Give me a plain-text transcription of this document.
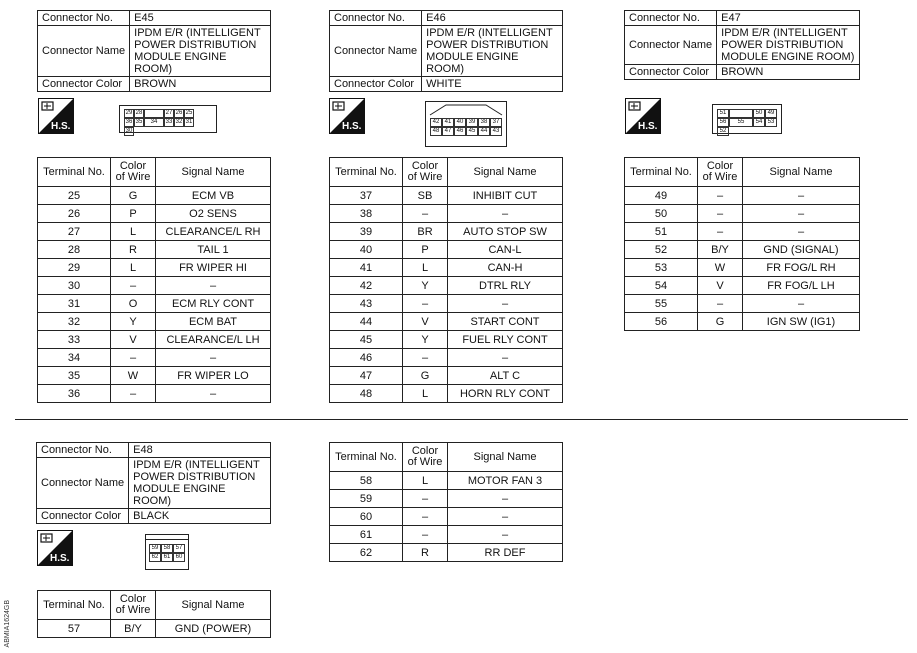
Connector No.	E45
Connector Name	IPDM E/R (INTELLIGENT POWER DISTRIBUTION MODULE ENGINE ROOM)
Connector Color	BROWN
H.S.
29 28	27 26 25
36 35	34	33 32 31
30
Terminal No.	Color of Wire	Signal Name
25	G	ECM VB
26	P	O2 SENS
27	L	CLEARANCE/L RH
28	R	TAIL 1
29	L	FR WIPER HI
30	–	–
31	O	ECM RLY CONT
32	Y	ECM BAT
33	V	CLEARANCE/L LH
34	–	–
35	W	FR WIPER LO
36	–	–
Connector No.	E46
Connector Name	IPDM E/R (INTELLIGENT POWER DISTRIBUTION MODULE ENGINE ROOM)
Connector Color	WHITE
H.S.	42 41 40 39 38 37
48 47 46 45 44 43
Terminal No.	Color of Wire	Signal Name
37	SB	INHIBIT CUT
38	–	–
39	BR	AUTO STOP SW
40	P	CAN-L
41	L	CAN-H
42	Y	DTRL RLY
43	–	–
44	V	START CONT
45	Y	FUEL RLY CONT
46	–	–
47	G	ALT C
48	L	HORN RLY CONT
Connector No.	E47
Connector Name	IPDM E/R (INTELLIGENT POWER DISTRIBUTION MODULE ENGINE ROOM)
Connector Color	BROWN
H.S.
51	50 49
56	55	54 53
52
Terminal No.	Color of Wire	Signal Name
49	–	–
50	–	–
51	–	–
52	B/Y	GND (SIGNAL)
53	W	FR FOG/L RH
54	V	FR FOG/L LH
55	–	–
56	G	IGN SW (IG1)
Connector No.	E48
Connector Name	IPDM E/R (INTELLIGENT POWER DISTRIBUTION MODULE ENGINE ROOM)
Connector Color	BLACK
H.S.
59 58 57
62 61 60
Terminal No.	Color of Wire	Signal Name
57	B/Y	GND (POWER)
Terminal No.	Color of Wire	Signal Name
58	L	MOTOR FAN 3
59	–	–
60	–	–
61	–	–
62	R	RR DEF
ABMIA1624GB
